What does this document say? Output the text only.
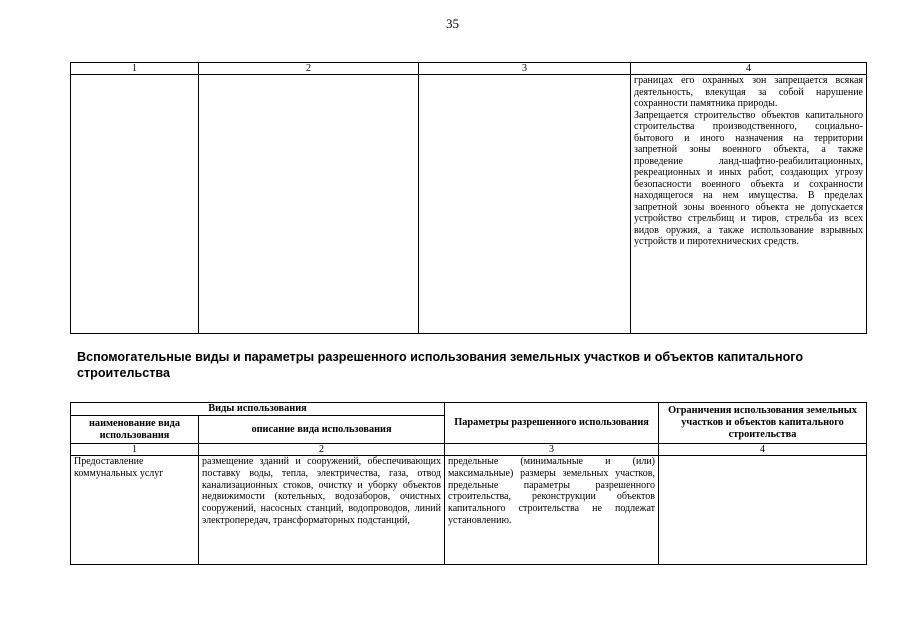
35
1	2	3	4
			границах его охранных зон запрещается всякая деятельность, влекущая за собой нарушение сохранности памятника природы.
Запрещается строительство объектов капитального строительства производственного, социально-бытового и иного назначения на территории запретной зоны военного объекта, а также проведение ланд-шафтно-реабилитационных, рекреационных и иных работ, создающих угрозу безопасности военного объекта и сохранности находящегося на нем имущества. В пределах запретной зоны военного объекта не допускается устройство стрельбищ и тиров, стрельба из всех видов оружия, а также использование взрывных устройств и пиротехнических средств.
Вспомогательные виды и параметры разрешенного использования земельных участков и объектов капитального строительства
Виды использования		Параметры разрешенного использования	Ограничения использования земельных участков и объектов капитального строительства
наименование вида использования	описание вида использования		
1	2	3	4
Предоставление коммунальных услуг	размещение зданий и сооружений, обеспечивающих поставку воды, тепла, электричества, газа, отвод канализационных стоков, очистку и уборку объектов недвижимости (котельных, водозаборов, очистных сооружений, насосных станций, водопроводов, линий электропередач, трансформаторных подстанций,	предельные (минимальные и (или) максимальные) размеры земельных участков, предельные параметры разрешенного строительства, реконструкции объектов капитального строительства не подлежат установлению.	
